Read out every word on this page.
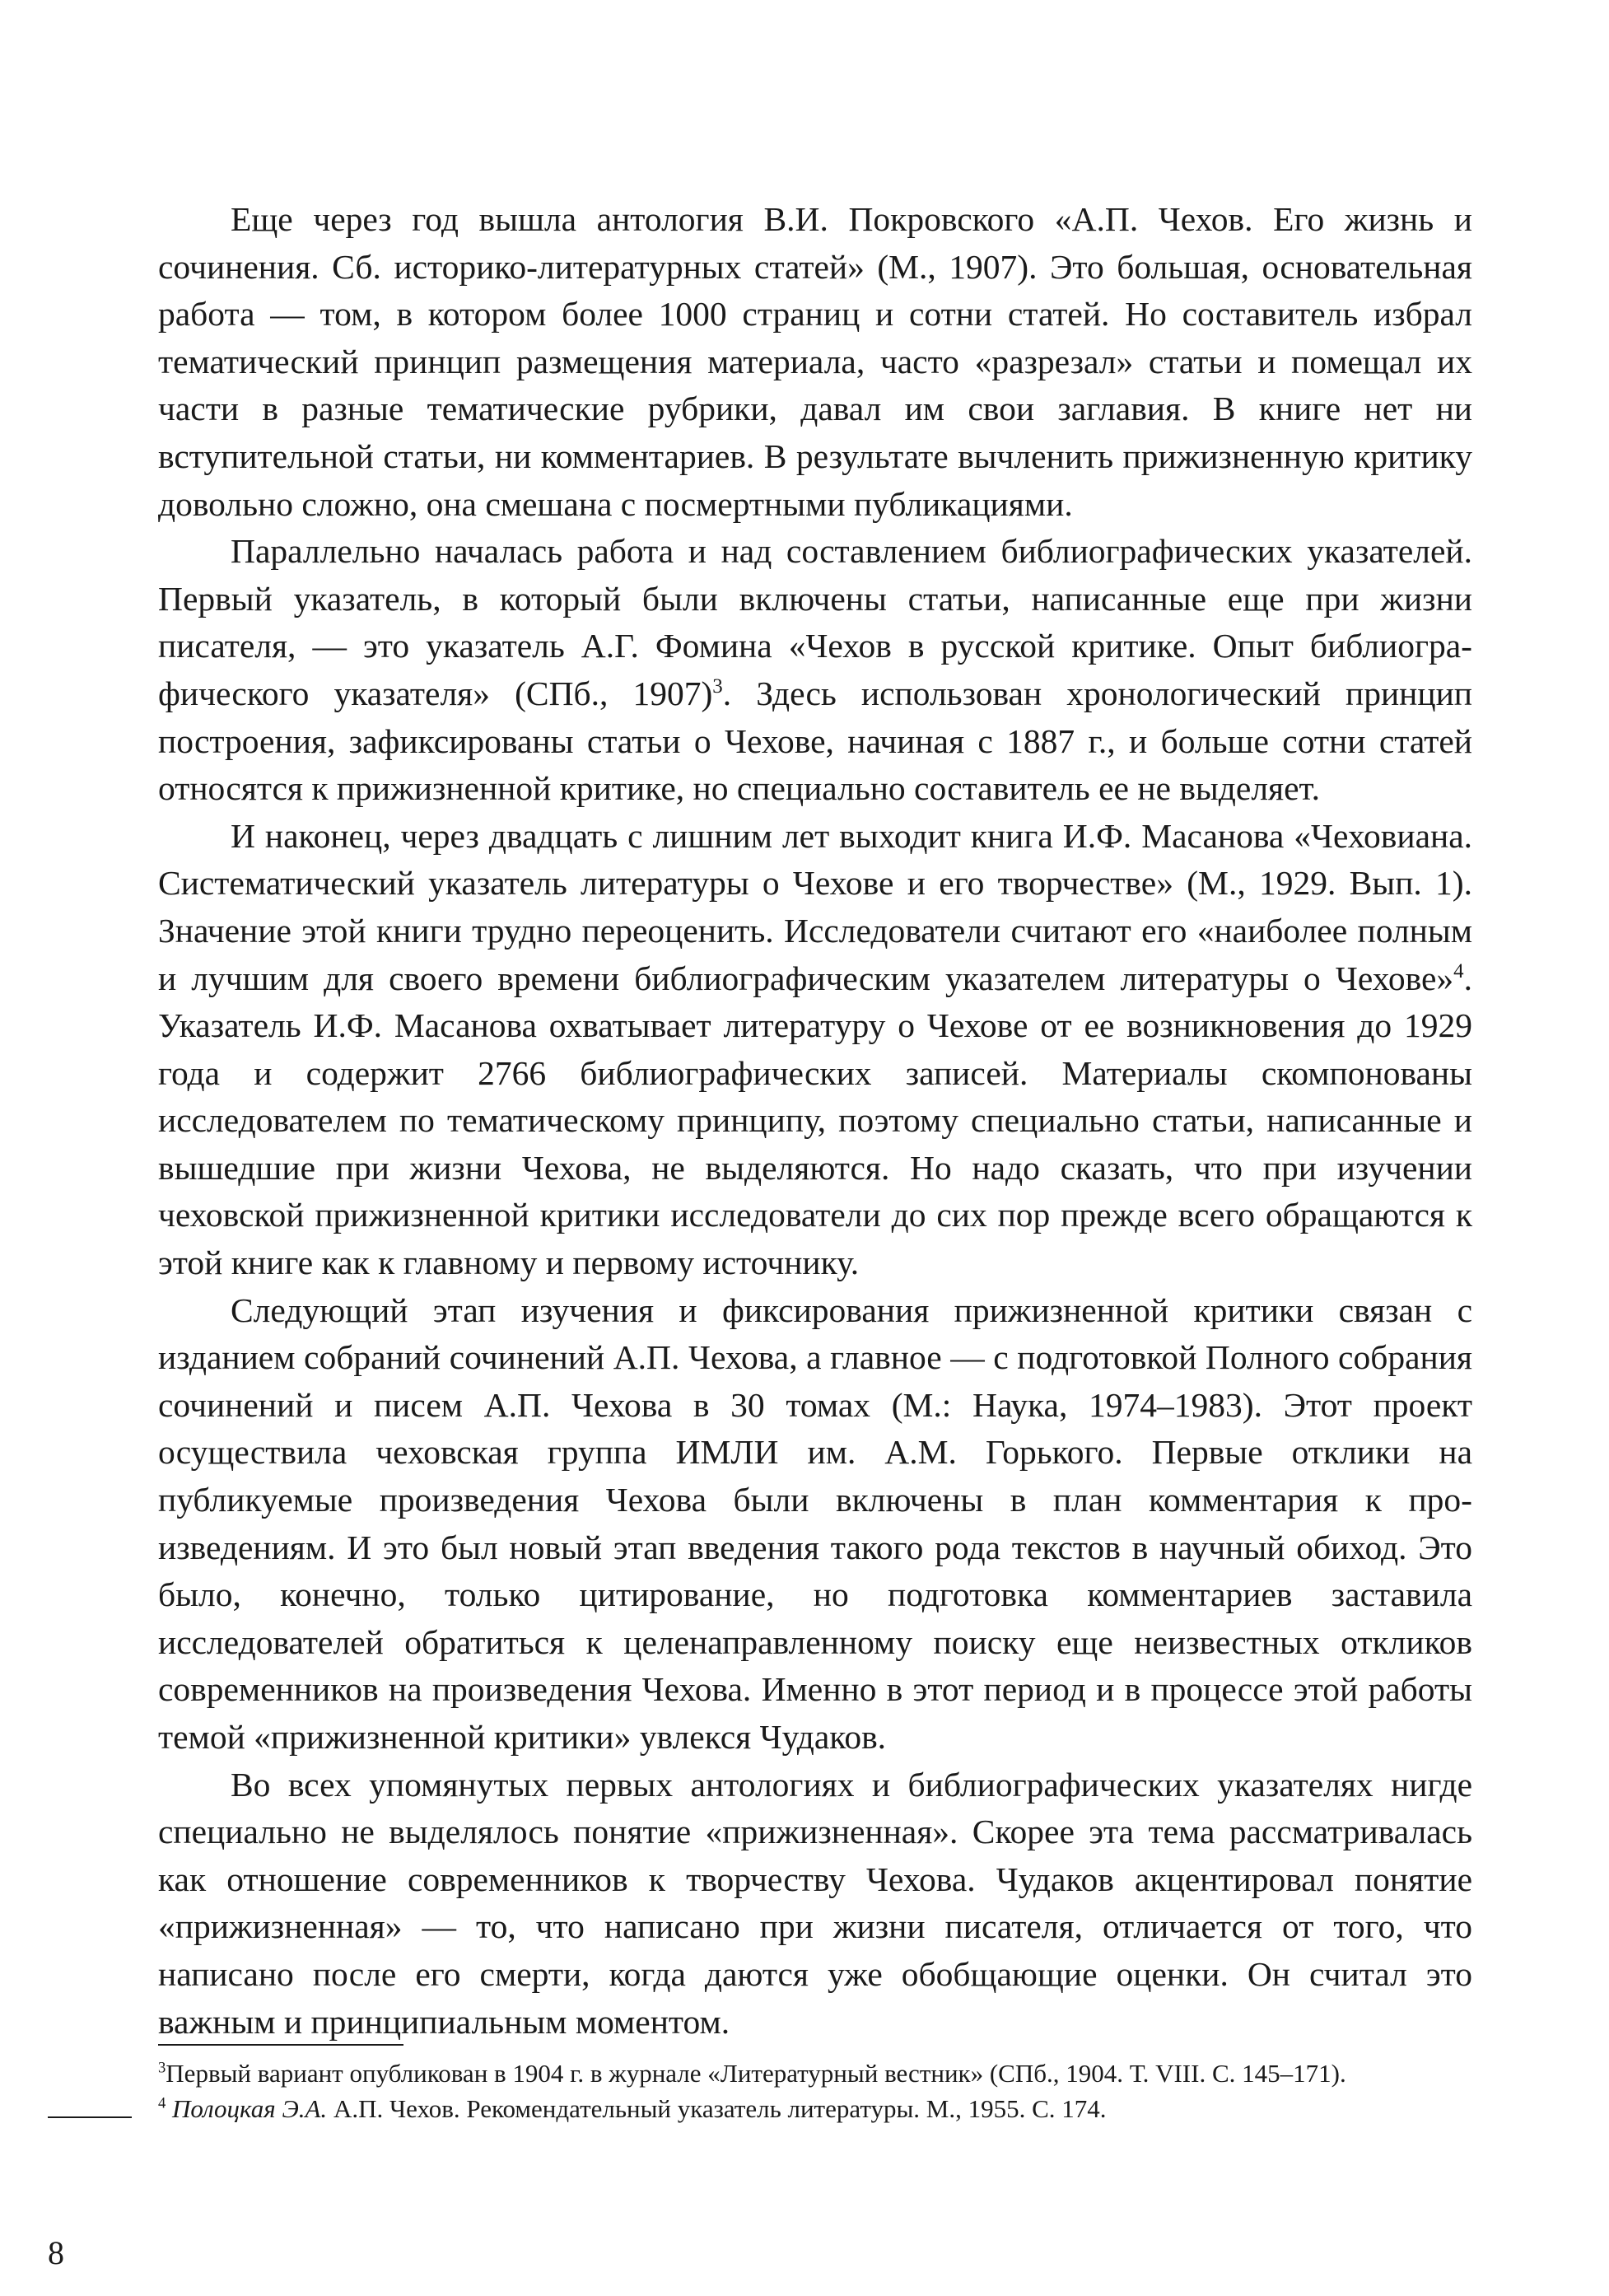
Еще через год вышла антология В.И. Покровского «А.П. Чехов. Его жизнь и сочинения. Сб. историко-литературных статей» (М., 1907). Это большая, основательная работа — том, в котором более 1000 страниц и сотни статей. Но составитель избрал тематический принцип размещения материала, часто «разрезал» статьи и помещал их части в разные тематические рубрики, давал им свои заглавия. В книге нет ни вступительной статьи, ни комментариев. В результате вычленить прижизненную критику довольно сложно, она смешана с посмертными публикациями.

Параллельно началась работа и над составлением библиографических указателей. Первый указатель, в который были включены статьи, написанные еще при жизни писателя, — это указатель А.Г. Фомина «Чехов в русской критике. Опыт библиографического указателя» (СПб., 1907)$^3$. Здесь использован хронологический принцип построения, зафиксированы статьи о Чехове, начиная с 1887 г., и больше сотни статей относятся к прижизненной критике, но специально составитель ее не выделяет.

И наконец, через двадцать с лишним лет выходит книга И.Ф. Масанова «Чеховиана. Систематический указатель литературы о Чехове и его творчестве» (М., 1929. Вып. 1). Значение этой книги трудно переоценить. Исследователи считают его «наиболее полным и лучшим для своего времени библиографическим указателем литературы о Чехове»$^4$. Указатель И.Ф. Масанова охватывает литературу о Чехове от ее возникновения до 1929 года и содержит 2766 библиографических записей. Материалы скомпонованы исследователем по тематическому принципу, поэтому специально статьи, написанные и вышедшие при жизни Чехова, не выделяются. Но надо сказать, что при изучении чеховской прижизненной критики исследователи до сих пор прежде всего обращаются к этой книге как к главному и первому источнику.

Следующий этап изучения и фиксирования прижизненной критики связан с изданием собраний сочинений А.П. Чехова, а главное — с подготовкой Полного собрания сочинений и писем А.П. Чехова в 30 томах (М.: Наука, 1974–1983). Этот проект осуществила чеховская группа ИМЛИ им. А.М. Горького. Первые отклики на публикуемые произведения Чехова были включены в план комментария к произведениям. И это был новый этап введения такого рода текстов в научный обиход. Это было, конечно, только цитирование, но подготовка комментариев заставила исследователей обратиться к целенаправленному поиску еще неизвестных откликов современников на произведения Чехова. Именно в этот период и в процессе этой работы темой «прижизненной критики» увлекся Чудаков.

Во всех упомянутых первых антологиях и библиографических указателях нигде специально не выделялось понятие «прижизненная». Скорее эта тема рассматривалась как отношение современников к творчеству Чехова. Чудаков акцентировал понятие «прижизненная» — то, что написано при жизни писателя, отличается от того, что написано после его смерти, когда даются уже обобщающие оценки. Он считал это важным и принципиальным моментом.

$^3$Первый вариант опубликован в 1904 г. в журнале «Литературный вестник» (СПб., 1904. Т. VIII. С. 145–171).

$^4$ Полоцкая Э.А. А.П. Чехов. Рекомендательный указатель литературы. М., 1955. С. 174.

8
